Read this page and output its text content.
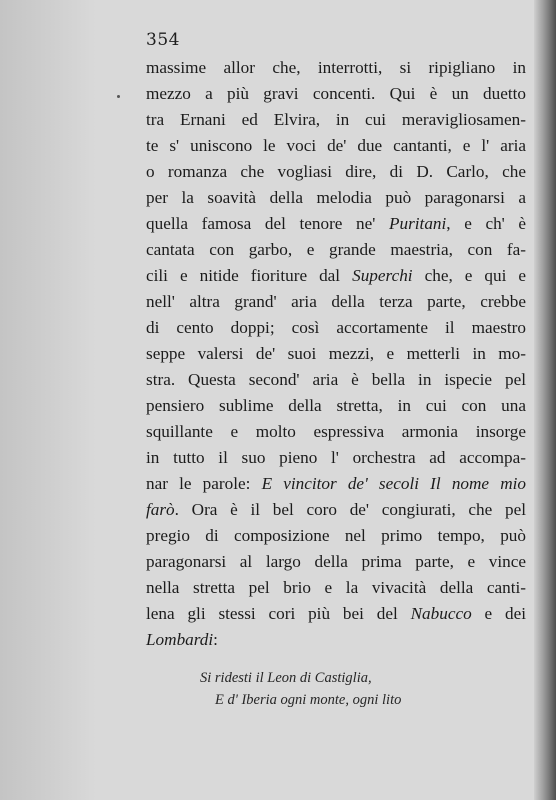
354
massime allor che, interrotti, si ripigliano in
mezzo a più gravi concenti. Qui è un duetto
tra Ernani ed Elvira, in cui meravigliosamen-
te s' uniscono le voci de' due cantanti, e l' aria
o romanza che vogliasi dire, di D. Carlo, che
per la soavità della melodia può paragonarsi a
quella famosa del tenore ne' Puritani, e ch' è
cantata con garbo, e grande maestria, con fa-
cili e nitide fioriture dal Superchi che, e qui e
nell' altra grand' aria della terza parte, crebbe
di cento doppi; così accortamente il maestro
seppe valersi de' suoi mezzi, e metterli in mo-
stra. Questa second' aria è bella in ispecie pel
pensiero sublime della stretta, in cui con una
squillante e molto espressiva armonia insorge
in tutto il suo pieno l' orchestra ad accompa-
nar le parole: E vincitor de' secoli Il nome mio
farò. Ora è il bel coro de' congiurati, che pel
pregio di composizione nel primo tempo, può
paragonarsi al largo della prima parte, e vince
nella stretta pel brio e la vivacità della canti-
lena gli stessi cori più bei del Nabucco e dei
Lombardi:
Si ridesti il Leon di Castiglia,
E d' Iberia ogni monte, ogni lito
